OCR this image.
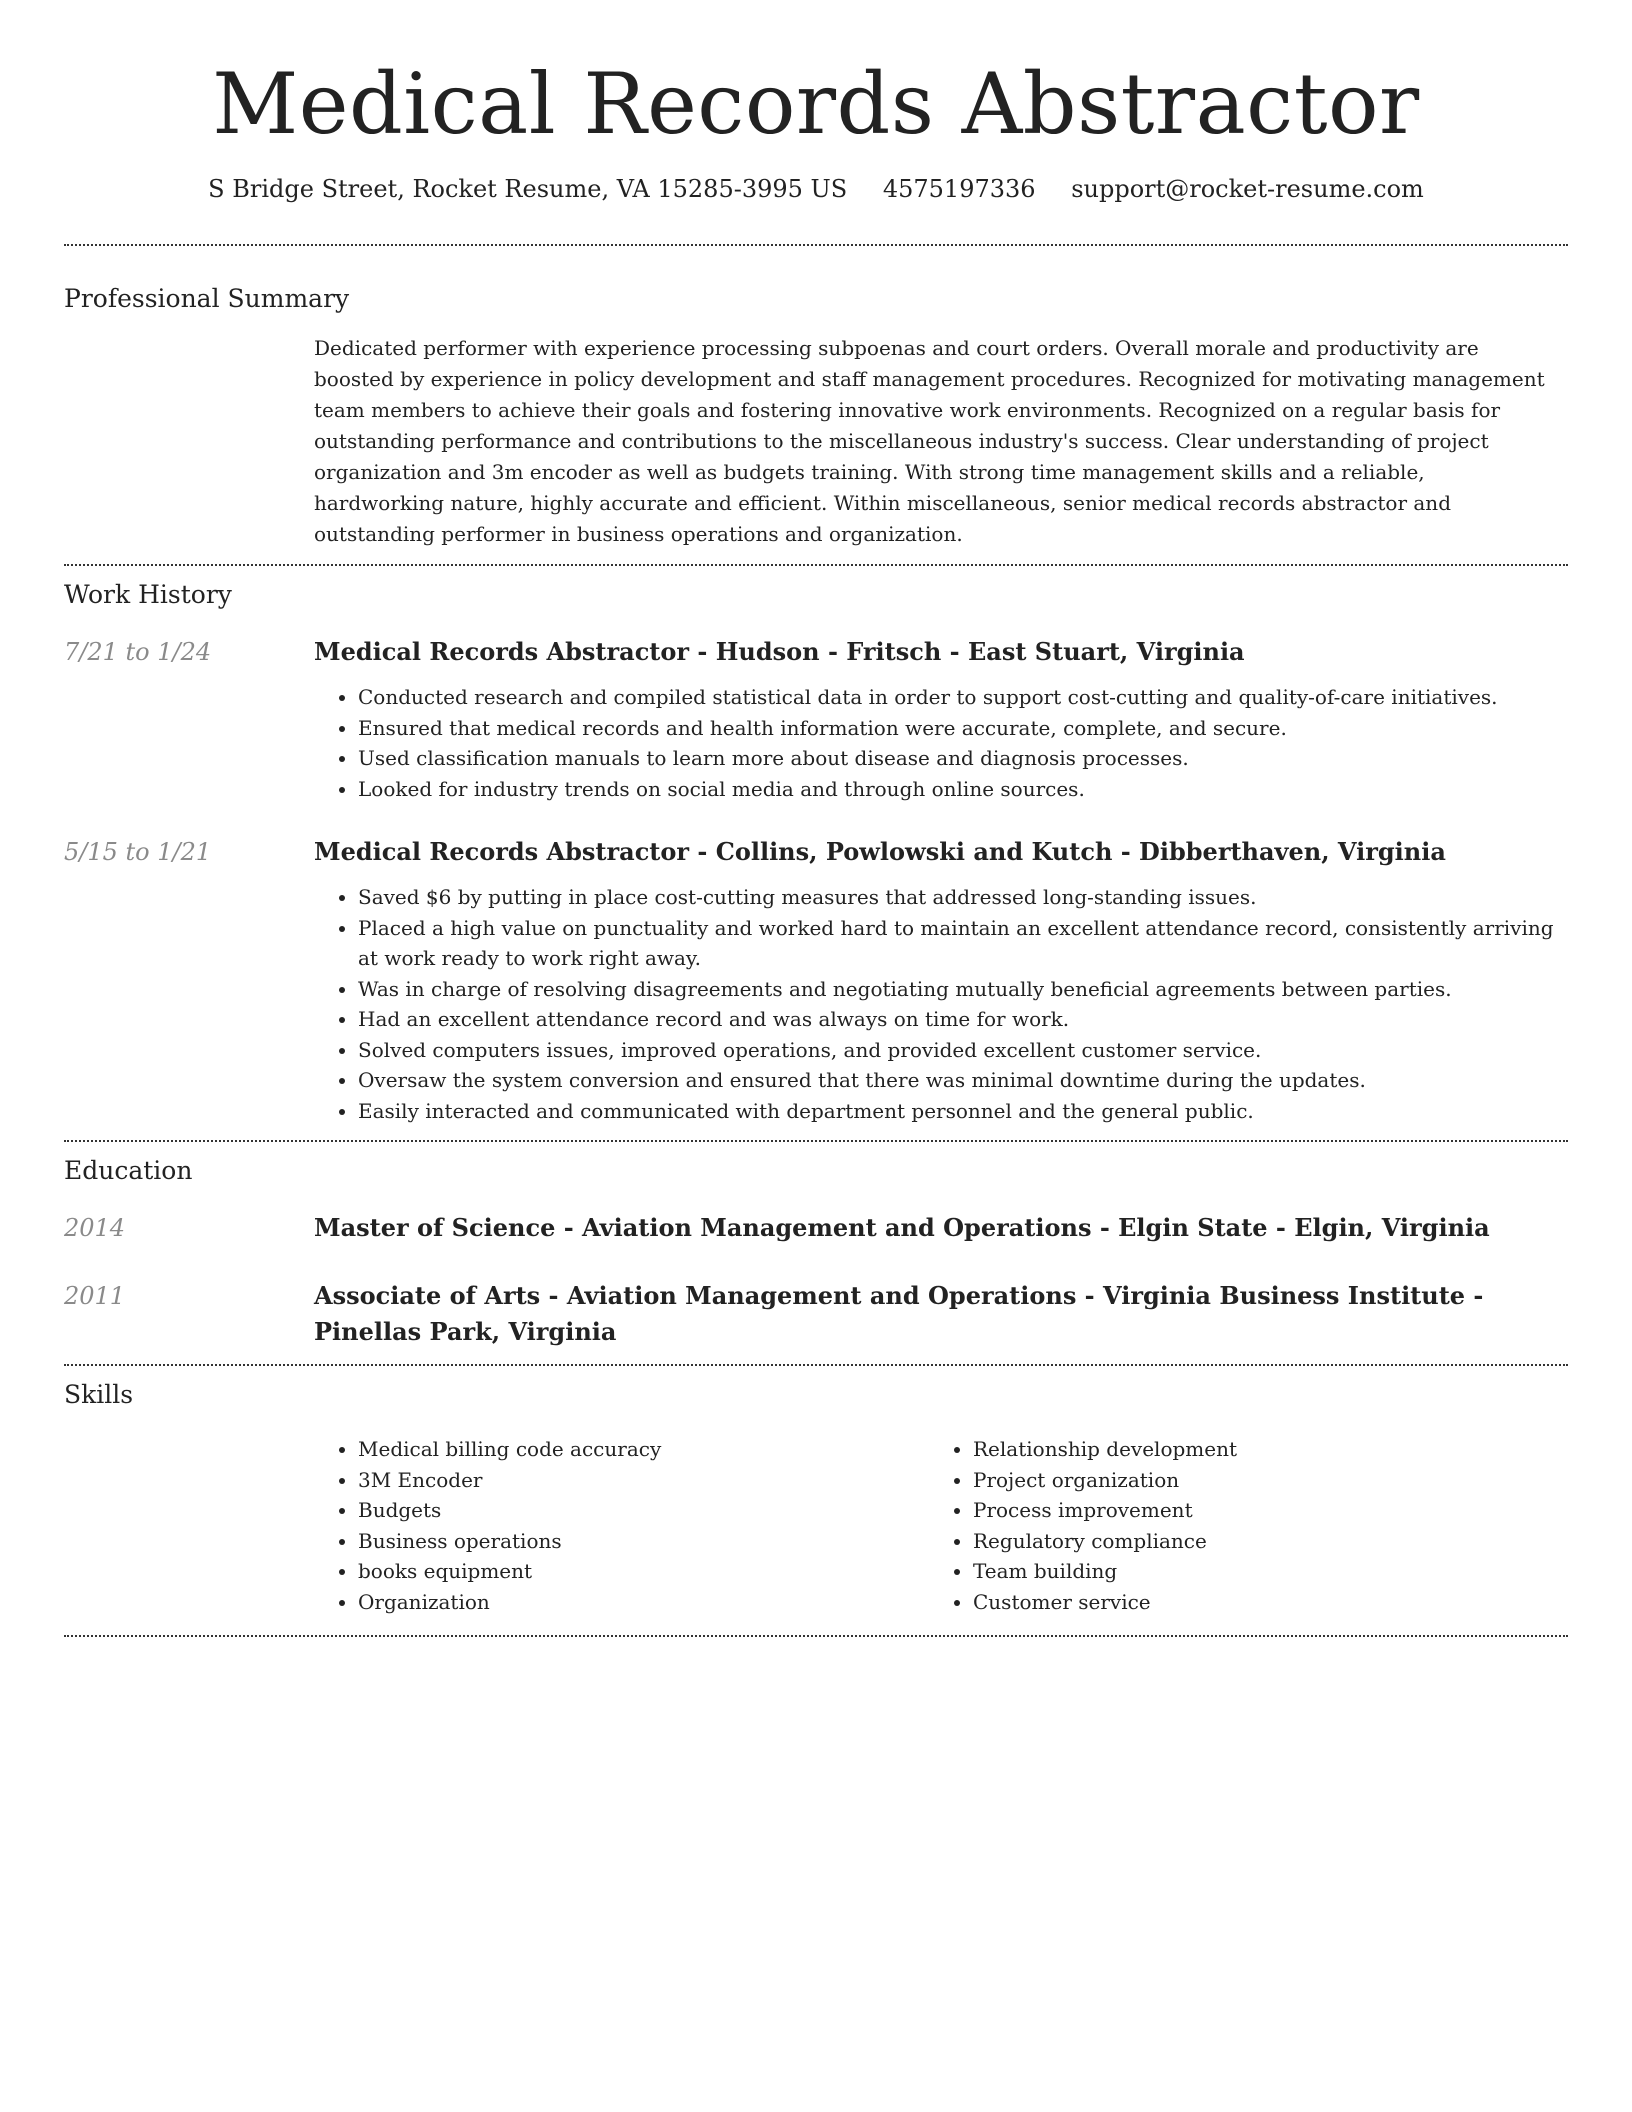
Medical Records Abstractor
S Bridge Street, Rocket Resume, VA 15285-3995 US 4575197336 support@rocket-resume.com
Professional Summary

Dedicated performer with experience processing subpoenas and court orders. Overall morale and productivity are boosted by experience in policy development and staff management procedures. Recognized for motivating management team members to achieve their goals and fostering innovative work environments. Recognized on a regular basis for outstanding performance and contributions to the miscellaneous industry's success. Clear understanding of project organization and 3m encoder as well as budgets training. With strong time management skills and a reliable, hardworking nature, highly accurate and efficient. Within miscellaneous, senior medical records abstractor and outstanding performer in business operations and organization.

Work History
7/21 to 1/24	Medical Records Abstractor - Hudson - Fritsch - East Stuart, Virginia
• Conducted research and compiled statistical data in order to support cost-cutting and quality-of-care initiatives.
• Ensured that medical records and health information were accurate, complete, and secure.
• Used classification manuals to learn more about disease and diagnosis processes.
• Looked for industry trends on social media and through online sources.
5/15 to 1/21	Medical Records Abstractor - Collins, Powlowski and Kutch - Dibberthaven, Virginia
• Saved $6 by putting in place cost-cutting measures that addressed long-standing issues.
• Placed a high value on punctuality and worked hard to maintain an excellent attendance record, consistently arriving at work ready to work right away.
• Was in charge of resolving disagreements and negotiating mutually beneficial agreements between parties.
• Had an excellent attendance record and was always on time for work.
• Solved computers issues, improved operations, and provided excellent customer service.
• Oversaw the system conversion and ensured that there was minimal downtime during the updates.
• Easily interacted and communicated with department personnel and the general public.
Education
2014	Master of Science - Aviation Management and Operations - Elgin State - Elgin, Virginia
2011	Associate of Arts - Aviation Management and Operations - Virginia Business Institute - Pinellas Park, Virginia
Skills
• Medical billing code accuracy
• 3M Encoder
• Budgets
• Business operations
• books equipment
• Organization
• Relationship development
• Project organization
• Process improvement
• Regulatory compliance
• Team building
• Customer service
